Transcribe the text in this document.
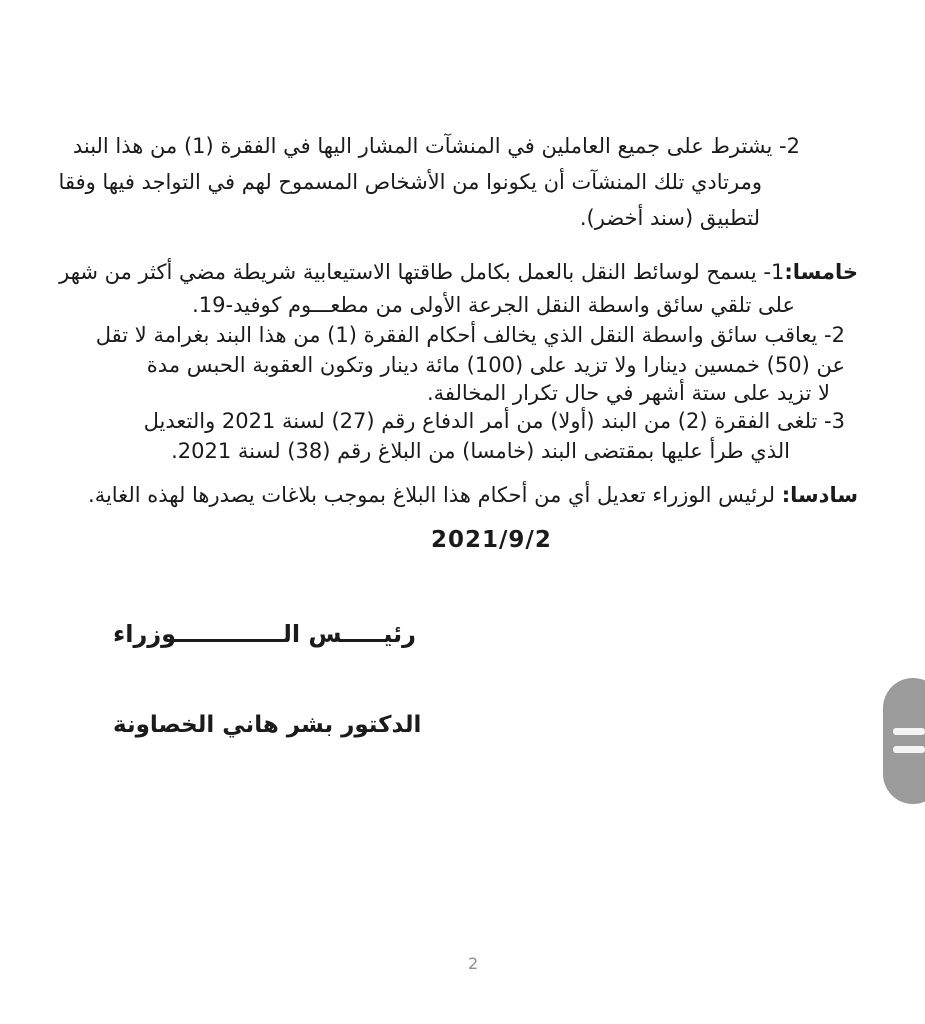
2- يشترط على جميع العاملين في المنشآت المشار اليها في الفقرة (1) من هذا البند
ومرتادي تلك المنشآت أن يكونوا من الأشخاص المسموح لهم في التواجد فيها وفقا
لتطبيق (سند أخضر).
خامسا:1- يسمح لوسائط النقل بالعمل بكامل طاقتها الاستيعابية شريطة مضي أكثر من شهر
على تلقي سائق واسطة النقل الجرعة الأولى من مطعـــوم كوفيد-19.
2- يعاقب سائق واسطة النقل الذي يخالف أحكام الفقرة (1) من هذا البند بغرامة لا تقل
عن (50) خمسين دينارا ولا تزيد على (100) مائة دينار وتكون العقوبة الحبس مدة
لا تزيد على ستة أشهر في حال تكرار المخالفة.
3- تلغى الفقرة (2) من البند (أولا) من أمر الدفاع رقم (27) لسنة 2021 والتعديل
الذي طرأ عليها بمقتضى البند (خامسا) من البلاغ رقم (38) لسنة 2021.
سادسا: لرئيس الوزراء تعديل أي من أحكام هذا البلاغ بموجب بلاغات يصدرها لهذه الغاية.
2021/9/2
رئيـــــس الـــــــــــــوزراء
الدكتور بشر هاني الخصاونة
2
